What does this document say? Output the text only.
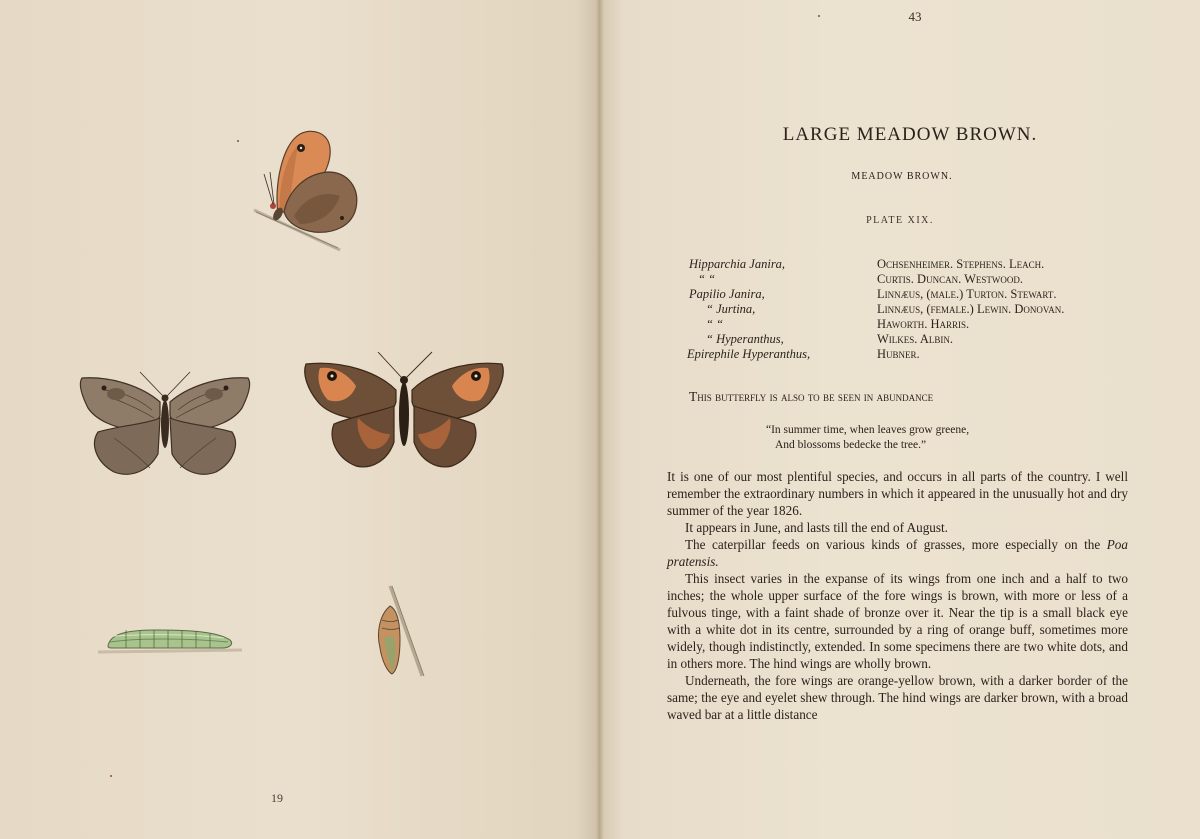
19
43
LARGE MEADOW BROWN.
MEADOW BROWN.
PLATE XIX.
Hipparchia Janira,	Ochsenheimer. Stephens. Leach.
“ “	Curtis. Duncan. Westwood.
Papilio Janira,	Linnæus, (male.) Turton. Stewart.
“ Jurtina,	Linnæus, (female.) Lewin. Donovan.
“ “	Haworth. Harris.
“ Hyperanthus,	Wilkes. Albin.
Epirephile Hyperanthus,	Hubner.
This butterfly is also to be seen in abundance
“In summer time, when leaves grow greene,
And blossoms bedecke the tree.”

It is one of our most plentiful species, and occurs in all parts of the country. I well remember the extraordinary numbers in which it appeared in the unusually hot and dry summer of the year 1826.

It appears in June, and lasts till the end of August.

The caterpillar feeds on various kinds of grasses, more especially on the Poa pratensis.

This insect varies in the expanse of its wings from one inch and a half to two inches; the whole upper surface of the fore wings is brown, with more or less of a fulvous tinge, with a faint shade of bronze over it. Near the tip is a small black eye with a white dot in its centre, surrounded by a ring of orange buff, sometimes more widely, though indistinctly, extended. In some specimens there are two white dots, and in others more. The hind wings are wholly brown.

Underneath, the fore wings are orange-yellow brown, with a darker border of the same; the eye and eyelet shew through. The hind wings are darker brown, with a broad waved bar at a little distance
